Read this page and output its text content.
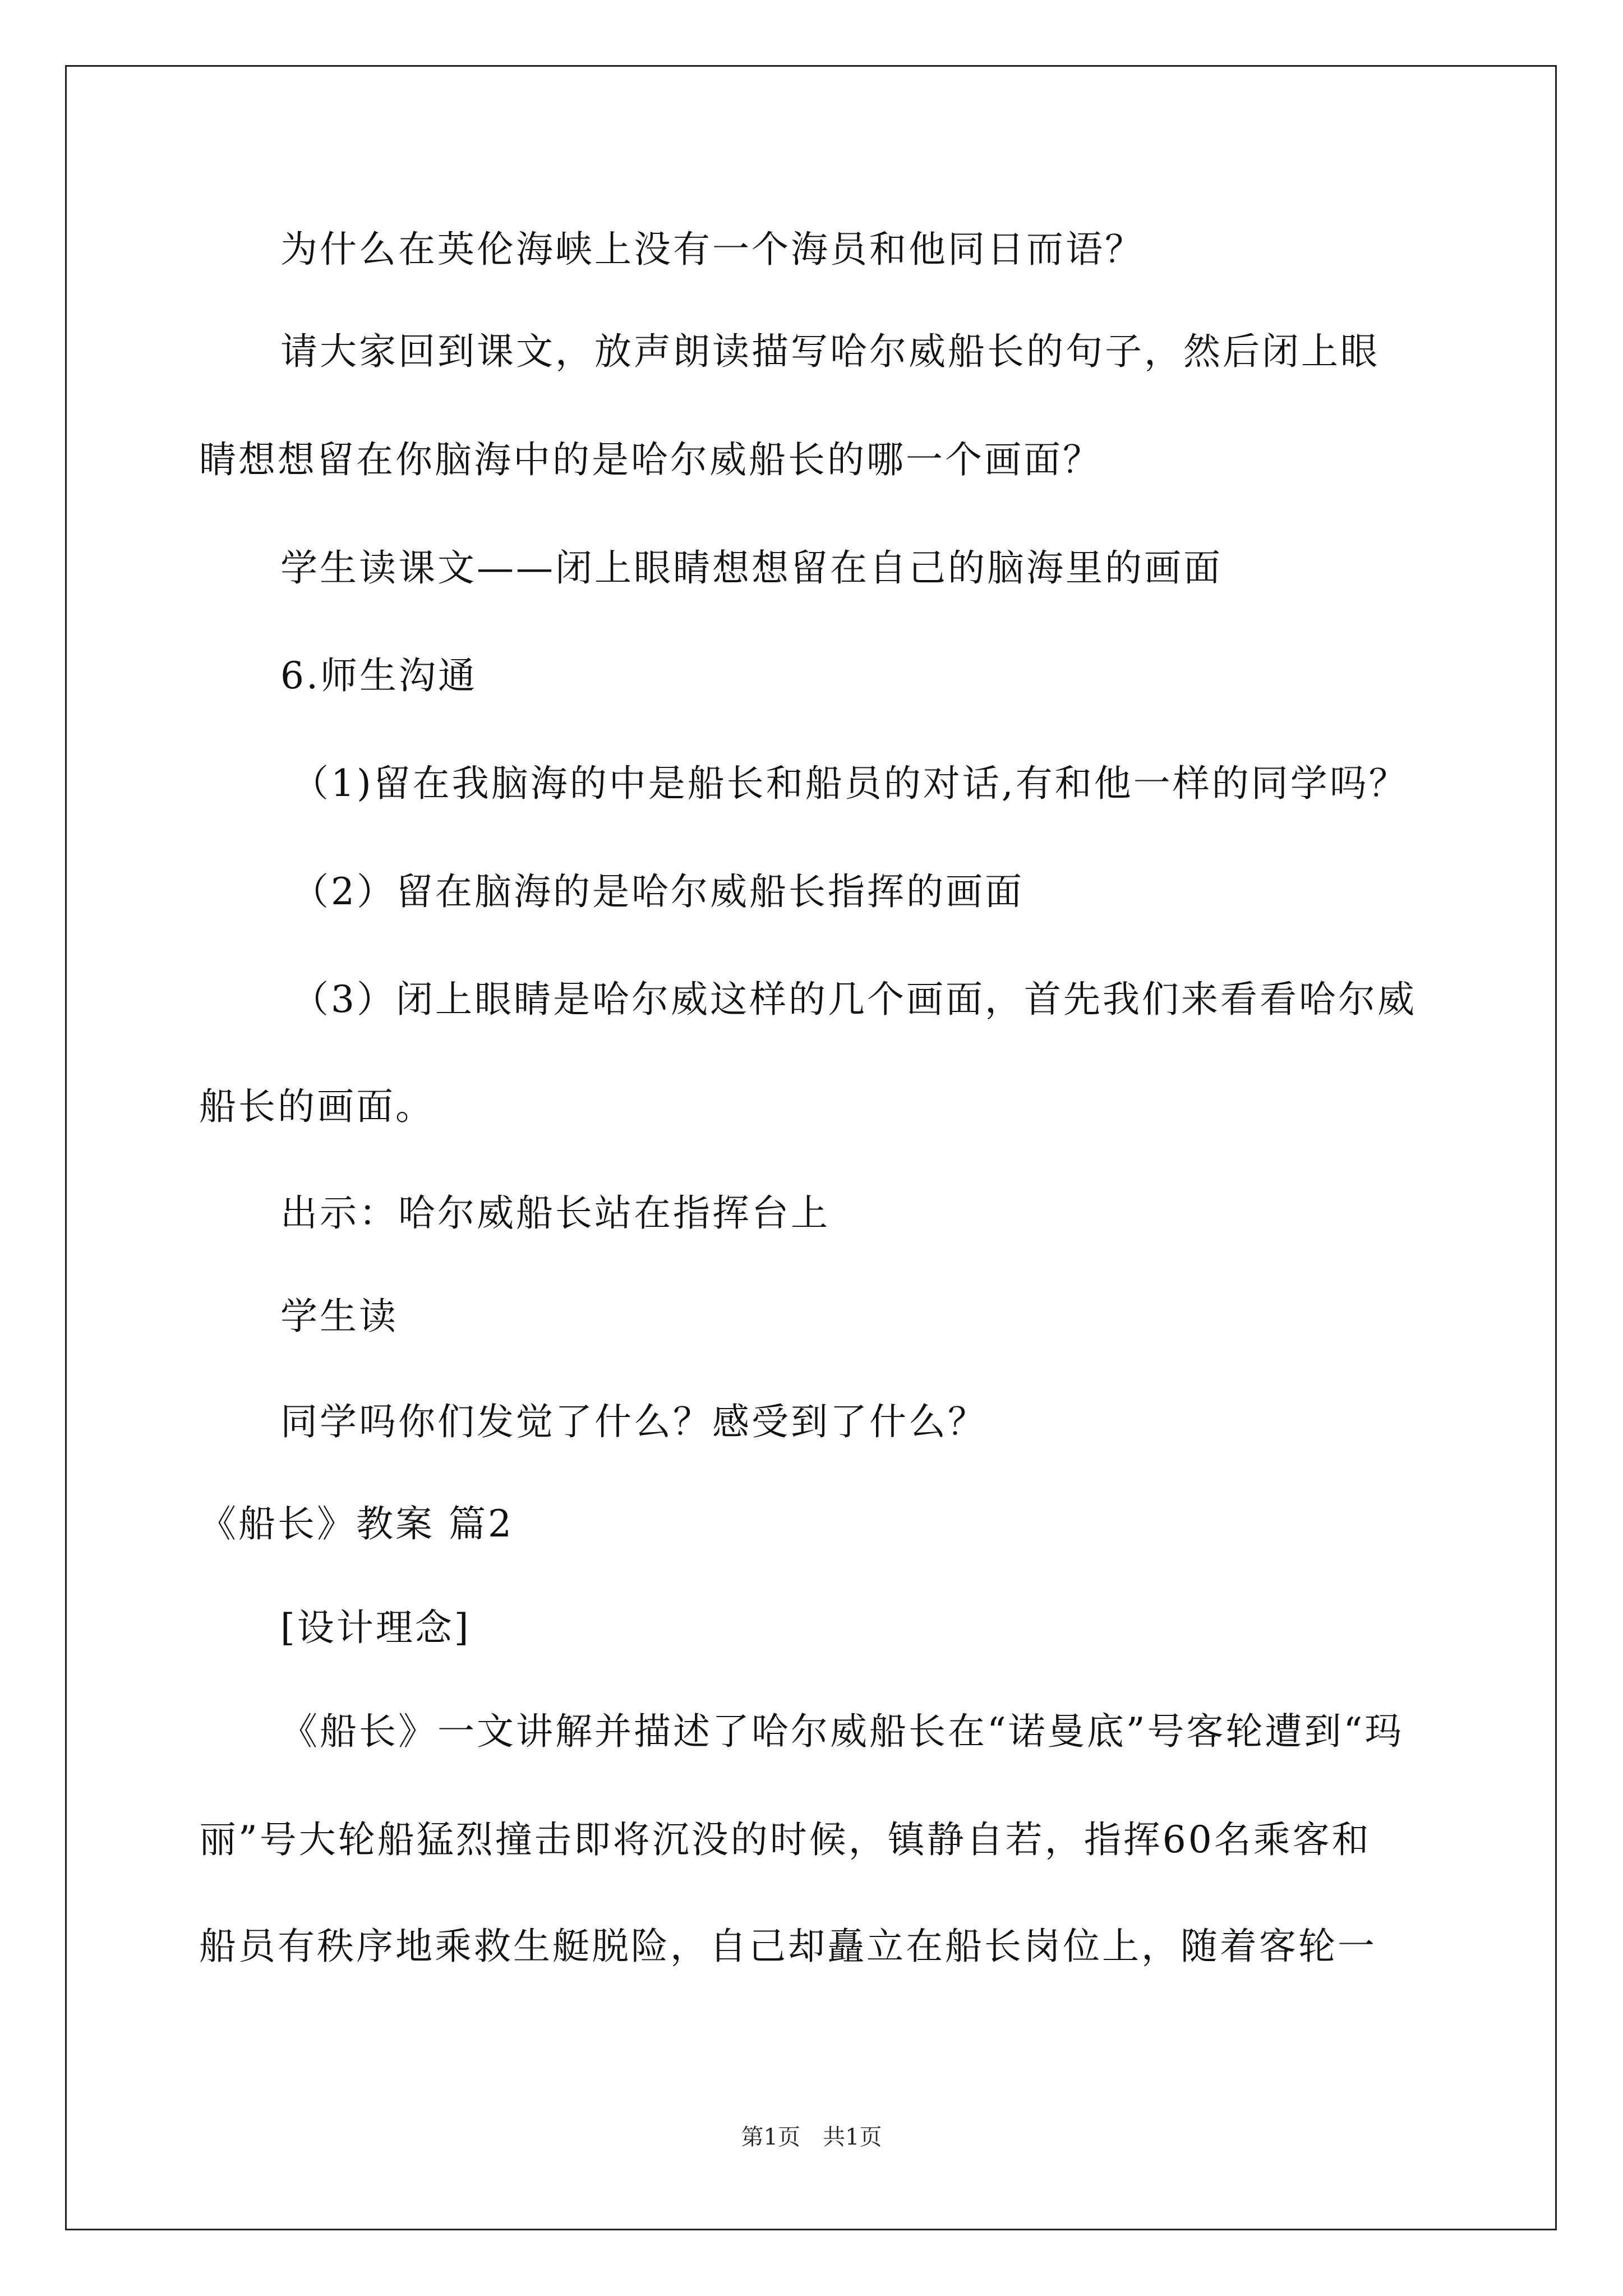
为什么在英伦海峡上没有一个海员和他同日而语？
请大家回到课文，放声朗读描写哈尔威船长的句子，然后闭上眼
睛想想留在你脑海中的是哈尔威船长的哪一个画面？
学生读课文——闭上眼睛想想留在自己的脑海里的画面
6.师生沟通
（1)留在我脑海的中是船长和船员的对话,有和他一样的同学吗？
（2）留在脑海的是哈尔威船长指挥的画面
（3）闭上眼睛是哈尔威这样的几个画面，首先我们来看看哈尔威
船长的画面。
出示：哈尔威船长站在指挥台上
学生读
同学吗你们发觉了什么？感受到了什么？
《船长》教案 篇2
[设计理念]
《船长》一文讲解并描述了哈尔威船长在“诺曼底”号客轮遭到“玛
丽”号大轮船猛烈撞击即将沉没的时候，镇静自若，指挥60名乘客和
船员有秩序地乘救生艇脱险，自己却矗立在船长岗位上，随着客轮一
第1页　共1页
